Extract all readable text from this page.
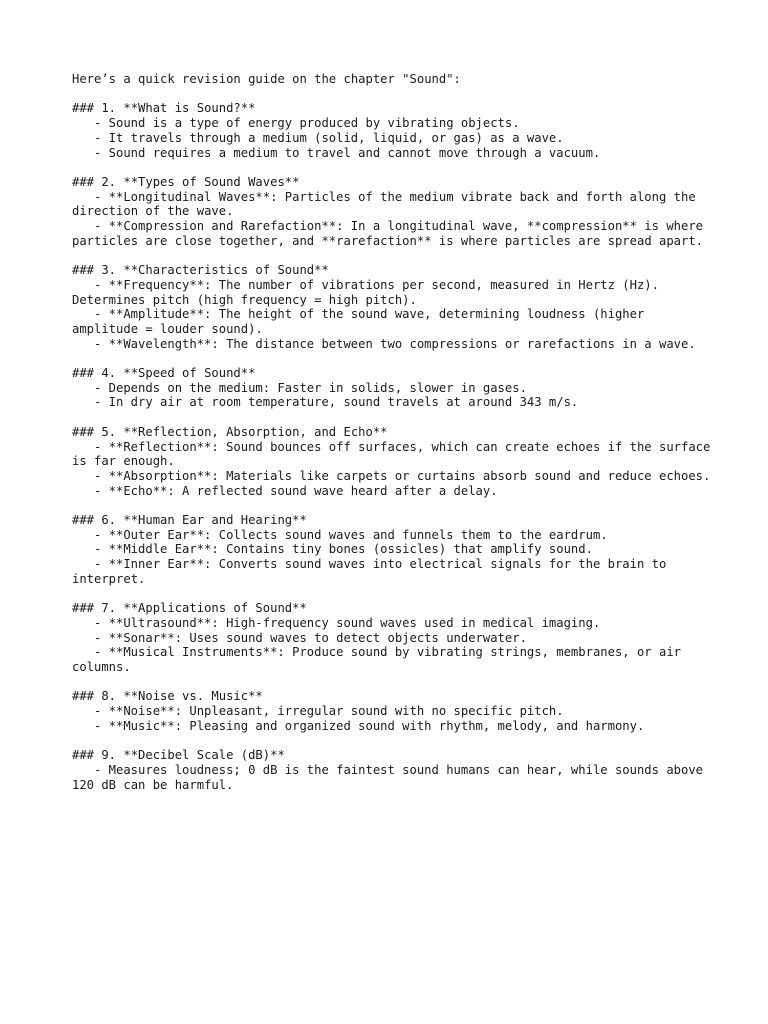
Here’s a quick revision guide on the chapter "Sound":
### 1. **What is Sound?**
- Sound is a type of energy produced by vibrating objects.
- It travels through a medium (solid, liquid, or gas) as a wave.
- Sound requires a medium to travel and cannot move through a vacuum.
### 2. **Types of Sound Waves**
- **Longitudinal Waves**: Particles of the medium vibrate back and forth along the direction of the wave.
- **Compression and Rarefaction**: In a longitudinal wave, **compression** is where particles are close together, and **rarefaction** is where particles are spread apart.
### 3. **Characteristics of Sound**
- **Frequency**: The number of vibrations per second, measured in Hertz (Hz). Determines pitch (high frequency = high pitch).
- **Amplitude**: The height of the sound wave, determining loudness (higher amplitude = louder sound).
- **Wavelength**: The distance between two compressions or rarefactions in a wave.
### 4. **Speed of Sound**
- Depends on the medium: Faster in solids, slower in gases.
- In dry air at room temperature, sound travels at around 343 m/s.
### 5. **Reflection, Absorption, and Echo**
- **Reflection**: Sound bounces off surfaces, which can create echoes if the surface is far enough.
- **Absorption**: Materials like carpets or curtains absorb sound and reduce echoes.
- **Echo**: A reflected sound wave heard after a delay.
### 6. **Human Ear and Hearing**
- **Outer Ear**: Collects sound waves and funnels them to the eardrum.
- **Middle Ear**: Contains tiny bones (ossicles) that amplify sound.
- **Inner Ear**: Converts sound waves into electrical signals for the brain to interpret.
### 7. **Applications of Sound**
- **Ultrasound**: High-frequency sound waves used in medical imaging.
- **Sonar**: Uses sound waves to detect objects underwater.
- **Musical Instruments**: Produce sound by vibrating strings, membranes, or air columns.
### 8. **Noise vs. Music**
- **Noise**: Unpleasant, irregular sound with no specific pitch.
- **Music**: Pleasing and organized sound with rhythm, melody, and harmony.
### 9. **Decibel Scale (dB)**
- Measures loudness; 0 dB is the faintest sound humans can hear, while sounds above 120 dB can be harmful.
